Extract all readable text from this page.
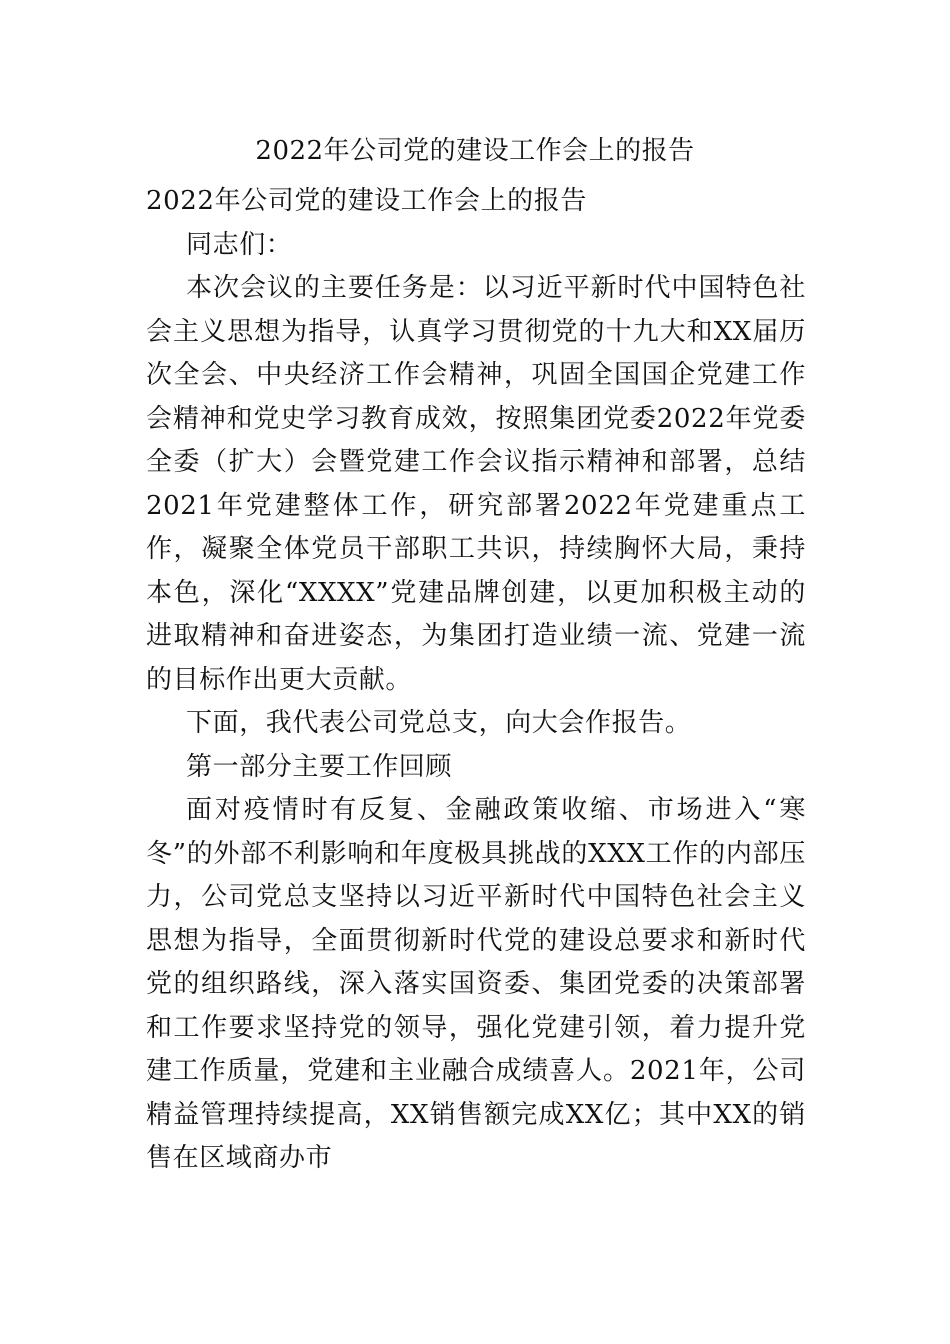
2022年公司党的建设工作会上的报告

2022年公司党的建设工作会上的报告

同志们：

本次会议的主要任务是：以习近平新时代中国特色社会主义思想为指导，认真学习贯彻党的十九大和XX届历次全会、中央经济工作会精神，巩固全国国企党建工作会精神和党史学习教育成效，按照集团党委2022年党委全委（扩大）会暨党建工作会议指示精神和部署，总结2021年党建整体工作，研究部署2022年党建重点工作，凝聚全体党员干部职工共识，持续胸怀大局，秉持本色，深化“XXXX”党建品牌创建，以更加积极主动的进取精神和奋进姿态，为集团打造业绩一流、党建一流的目标作出更大贡献。

下面，我代表公司党总支，向大会作报告。

第一部分主要工作回顾

面对疫情时有反复、金融政策收缩、市场进入“寒冬”的外部不利影响和年度极具挑战的XXX工作的内部压力，公司党总支坚持以习近平新时代中国特色社会主义思想为指导，全面贯彻新时代党的建设总要求和新时代党的组织路线，深入落实国资委、集团党委的决策部署和工作要求坚持党的领导，强化党建引领，着力提升党建工作质量，党建和主业融合成绩喜人。2021年，公司精益管理持续提高，XX销售额完成XX亿；其中XX的销售在区域商办市
